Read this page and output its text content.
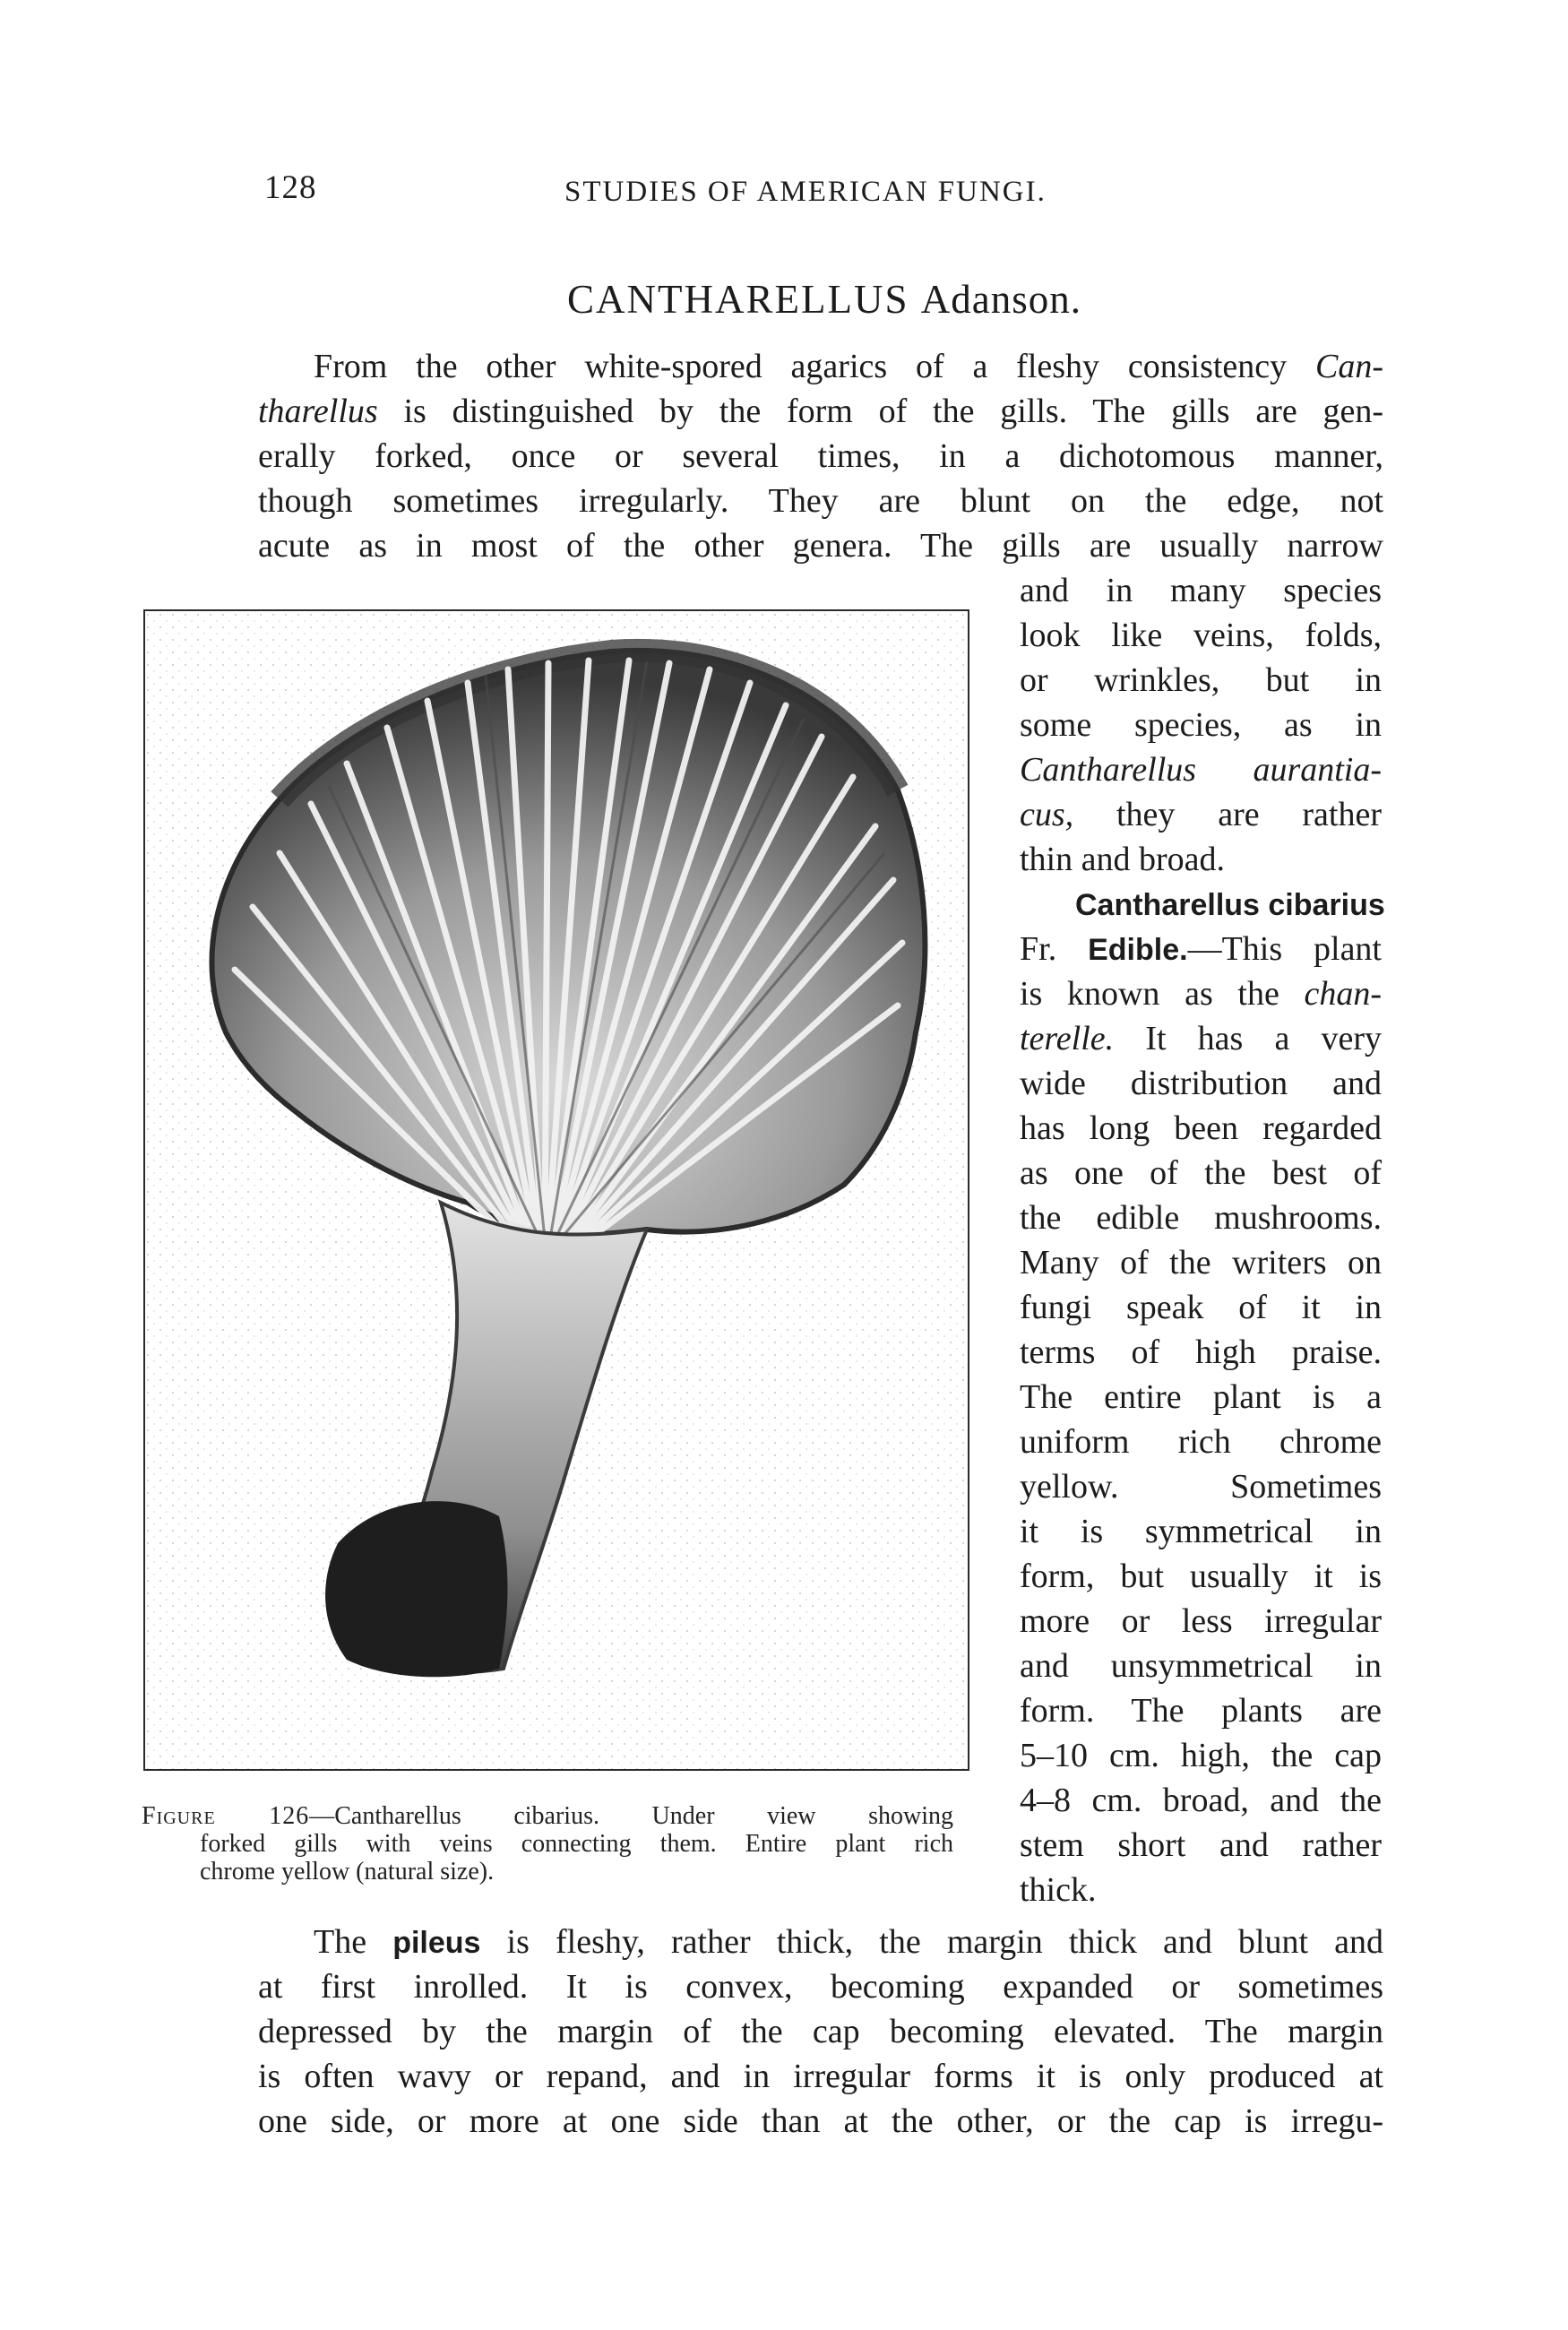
128	STUDIES OF AMERICAN FUNGI.
CANTHARELLUS Adanson.
From the other white-spored agarics of a fleshy consistency Can-
tharellus is distinguished by the form of the gills. The gills are gen-
erally forked, once or several times, in a dichotomous manner,
though sometimes irregularly. They are blunt on the edge, not
acute as in most of the other genera. The gills are usually narrow
and in many species
look like veins, folds,
or wrinkles, but in
some species, as in
Cantharellus aurantia-
cus, they are rather
thin and broad.
Cantharellus cibarius
Fr. Edible.—This plant
is known as the chan-
terelle. It has a very
wide distribution and
has long been regarded
as one of the best of
the edible mushrooms.
Many of the writers on
fungi speak of it in
terms of high praise.
The entire plant is a
uniform rich chrome
yellow. Sometimes
it is symmetrical in
form, but usually it is
more or less irregular
and unsymmetrical in
form. The plants are
5–10 cm. high, the cap
4–8 cm. broad, and the
stem short and rather
thick.
Figure 126—Cantharellus cibarius. Under view showing
forked gills with veins connecting them. Entire plant rich
chrome yellow (natural size).
The pileus is fleshy, rather thick, the margin thick and blunt and
at first inrolled. It is convex, becoming expanded or sometimes
depressed by the margin of the cap becoming elevated. The margin
is often wavy or repand, and in irregular forms it is only produced at
one side, or more at one side than at the other, or the cap is irregu-
